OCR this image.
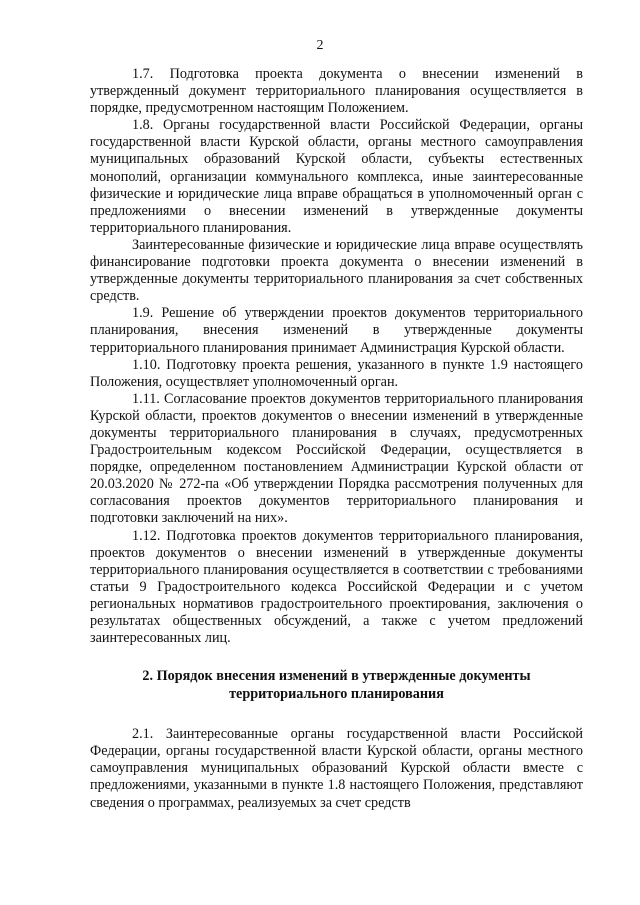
2

1.7. Подготовка проекта документа о внесении изменений в утвержденный документ территориального планирования осуществляется в порядке, предусмотренном настоящим Положением.

1.8. Органы государственной власти Российской Федерации, органы государственной власти Курской области, органы местного самоуправления муниципальных образований Курской области, субъекты естественных монополий, организации коммунального комплекса, иные заинтересованные физические и юридические лица вправе обращаться в уполномоченный орган с предложениями о внесении изменений в утвержденные документы территориального планирования.

Заинтересованные физические и юридические лица вправе осуществлять финансирование подготовки проекта документа о внесении изменений в утвержденные документы территориального планирования за счет собственных средств.

1.9. Решение об утверждении проектов документов территориального планирования, внесения изменений в утвержденные документы территориального планирования принимает Администрация Курской области.

1.10. Подготовку проекта решения, указанного в пункте 1.9 настоящего Положения, осуществляет уполномоченный орган.

1.11. Согласование проектов документов территориального планирования Курской области, проектов документов о внесении изменений в утвержденные документы территориального планирования в случаях, предусмотренных Градостроительным кодексом Российской Федерации, осуществляется в порядке, определенном постановлением Администрации Курской области от 20.03.2020 № 272-па «Об утверждении Порядка рассмотрения полученных для согласования проектов документов территориального планирования и подготовки заключений на них».

1.12. Подготовка проектов документов территориального планирования, проектов документов о внесении изменений в утвержденные документы территориального планирования осуществляется в соответствии с требованиями статьи 9 Градостроительного кодекса Российской Федерации и с учетом региональных нормативов градостроительного проектирования, заключения о результатах общественных обсуждений, а также с учетом предложений заинтересованных лиц.

2. Порядок внесения изменений в утвержденные документы территориального планирования

2.1. Заинтересованные органы государственной власти Российской Федерации, органы государственной власти Курской области, органы местного самоуправления муниципальных образований Курской области вместе с предложениями, указанными в пункте 1.8 настоящего Положения, представляют сведения о программах, реализуемых за счет средств
